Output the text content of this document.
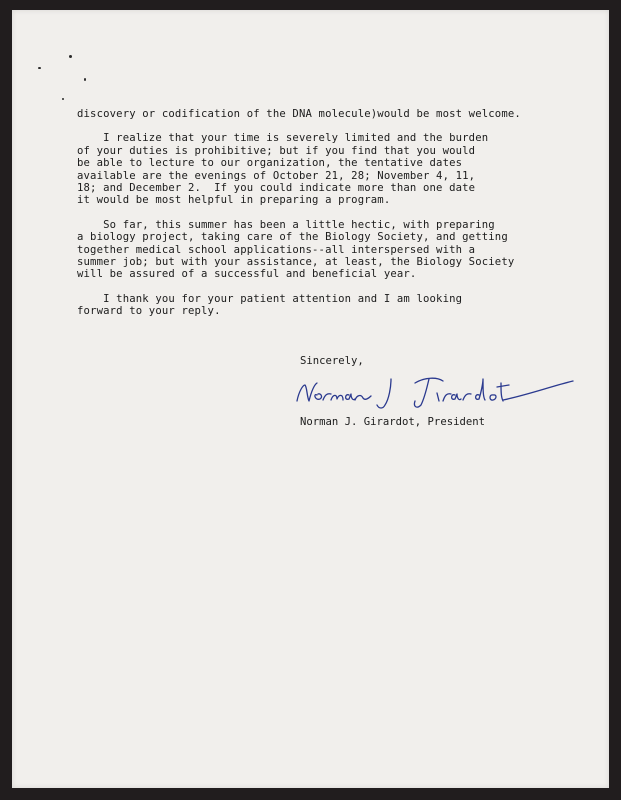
discovery or codification of the DNA molecule)would be most welcome.

I realize that your time is severely limited and the burden

of your duties is prohibitive; but if you find that you would

be able to lecture to our organization, the tentative dates

available are the evenings of October 21, 28; November 4, 11,

18; and December 2.  If you could indicate more than one date

it would be most helpful in preparing a program.

So far, this summer has been a little hectic, with preparing

a biology project, taking care of the Biology Society, and getting

together medical school applications--all interspersed with a

summer job; but with your assistance, at least, the Biology Society

will be assured of a successful and beneficial year.

I thank you for your patient attention and I am looking

forward to your reply.

Sincerely,
Norman J. Girardot, President
